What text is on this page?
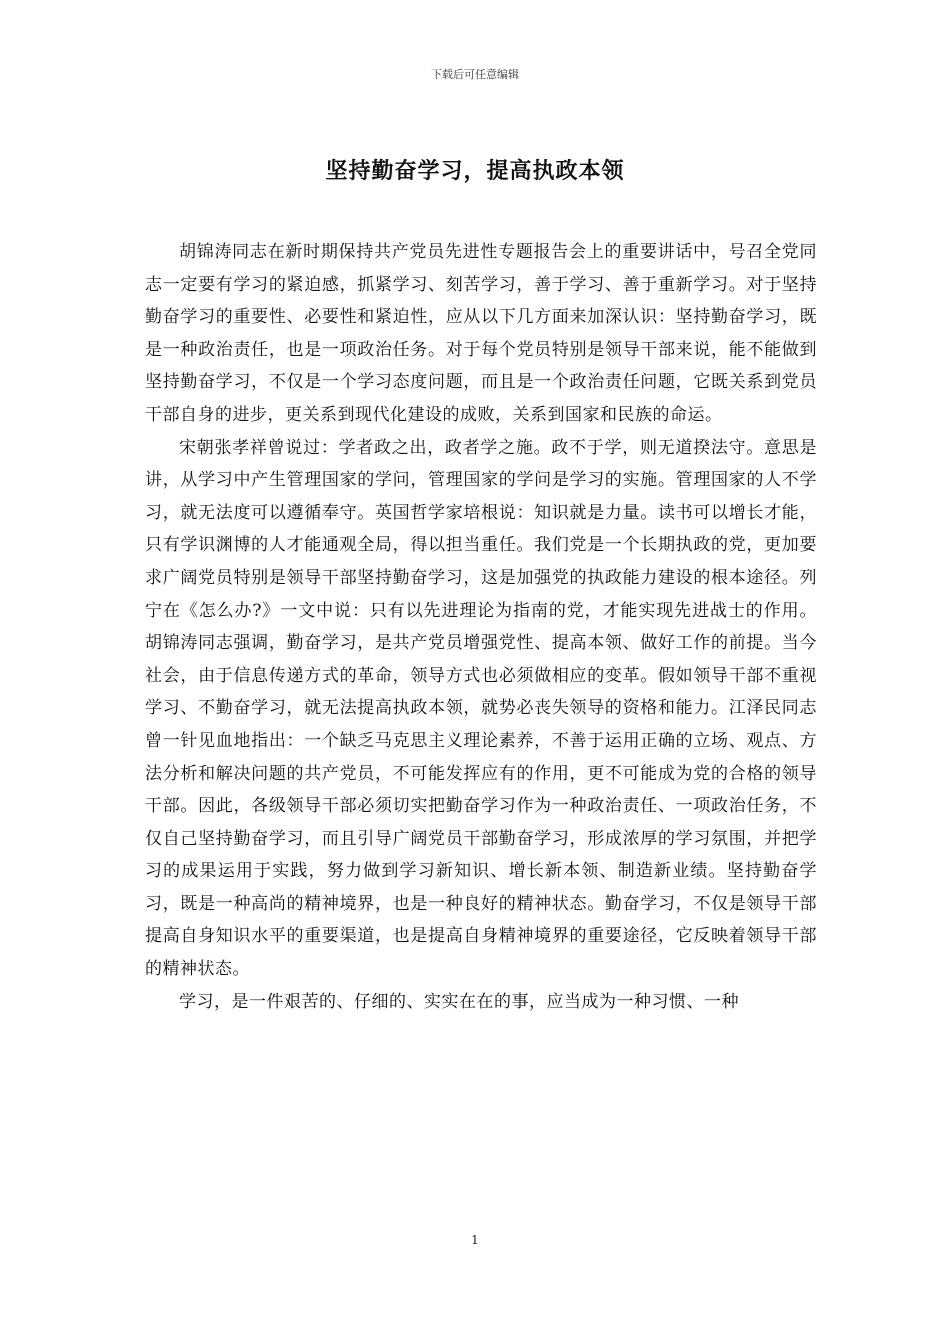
下载后可任意编辑
坚持勤奋学习，提高执政本领

胡锦涛同志在新时期保持共产党员先进性专题报告会上的重要讲话中，号召全党同志一定要有学习的紧迫感，抓紧学习、刻苦学习，善于学习、善于重新学习。对于坚持勤奋学习的重要性、必要性和紧迫性，应从以下几方面来加深认识：坚持勤奋学习，既是一种政治责任，也是一项政治任务。对于每个党员特别是领导干部来说，能不能做到坚持勤奋学习，不仅是一个学习态度问题，而且是一个政治责任问题，它既关系到党员干部自身的进步，更关系到现代化建设的成败，关系到国家和民族的命运。

宋朝张孝祥曾说过：学者政之出，政者学之施。政不于学，则无道揆法守。意思是讲，从学习中产生管理国家的学问，管理国家的学问是学习的实施。管理国家的人不学习，就无法度可以遵循奉守。英国哲学家培根说：知识就是力量。读书可以增长才能，只有学识渊博的人才能通观全局，得以担当重任。我们党是一个长期执政的党，更加要求广阔党员特别是领导干部坚持勤奋学习，这是加强党的执政能力建设的根本途径。列宁在《怎么办?》一文中说：只有以先进理论为指南的党，才能实现先进战士的作用。胡锦涛同志强调，勤奋学习，是共产党员增强党性、提高本领、做好工作的前提。当今社会，由于信息传递方式的革命，领导方式也必须做相应的变革。假如领导干部不重视学习、不勤奋学习，就无法提高执政本领，就势必丧失领导的资格和能力。江泽民同志曾一针见血地指出：一个缺乏马克思主义理论素养，不善于运用正确的立场、观点、方法分析和解决问题的共产党员，不可能发挥应有的作用，更不可能成为党的合格的领导干部。因此，各级领导干部必须切实把勤奋学习作为一种政治责任、一项政治任务，不仅自己坚持勤奋学习，而且引导广阔党员干部勤奋学习，形成浓厚的学习氛围，并把学习的成果运用于实践，努力做到学习新知识、增长新本领、制造新业绩。坚持勤奋学习，既是一种高尚的精神境界，也是一种良好的精神状态。勤奋学习，不仅是领导干部提高自身知识水平的重要渠道，也是提高自身精神境界的重要途径，它反映着领导干部的精神状态。

学习，是一件艰苦的、仔细的、实实在在的事，应当成为一种习惯、一种

1
